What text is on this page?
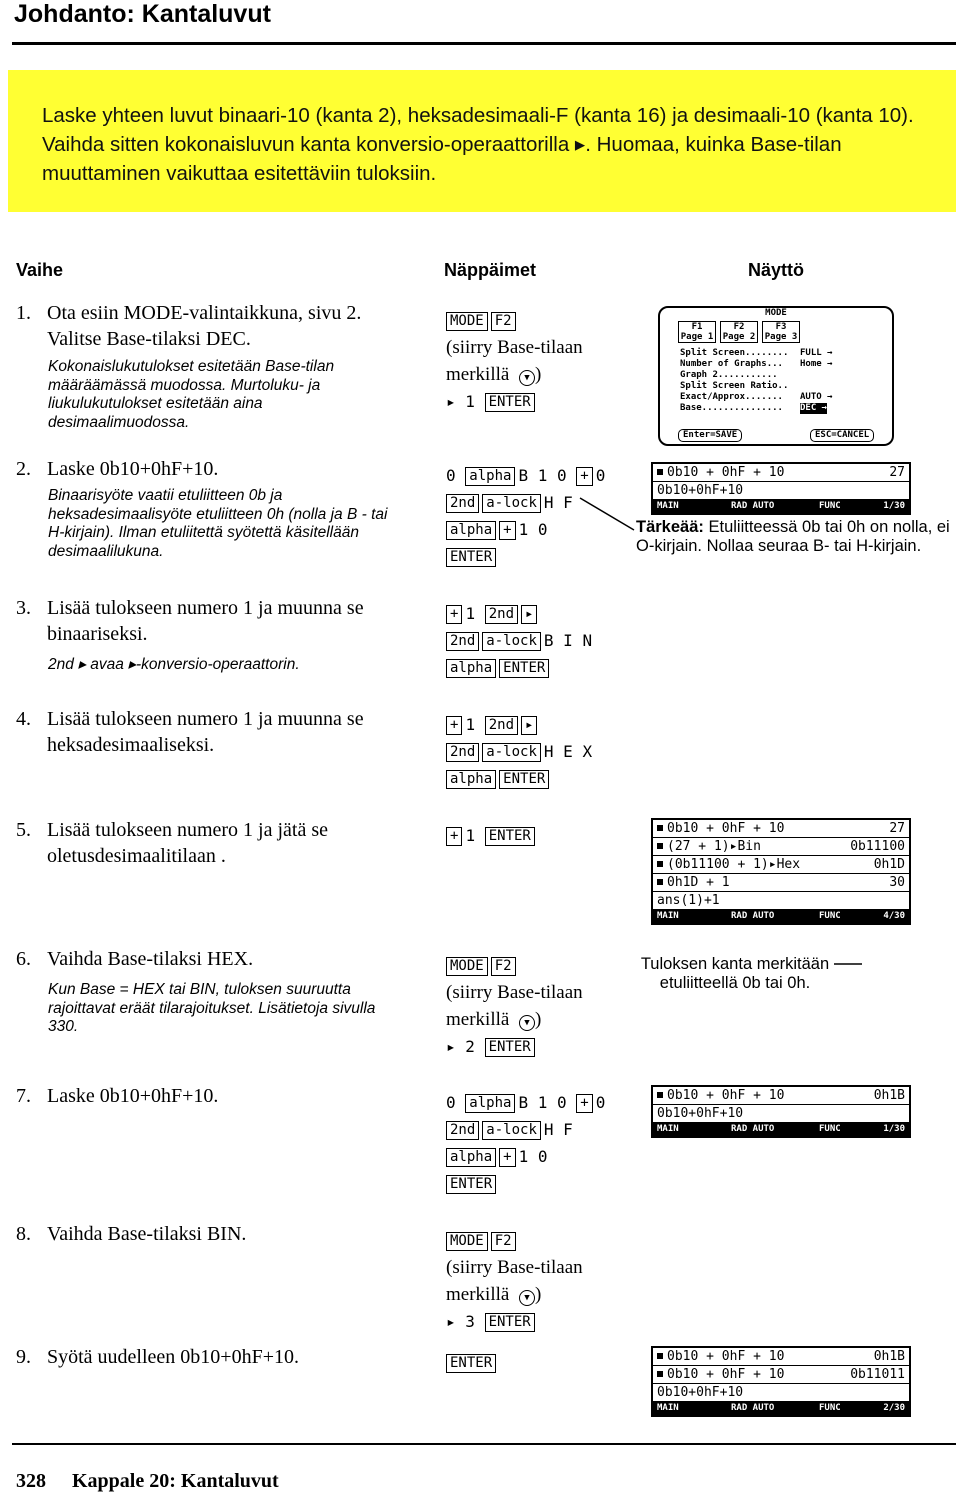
Johdanto: Kantaluvut

Laske yhteen luvut binaari-10 (kanta 2), heksadesimaali-F (kanta 16) ja desimaali-10 (kanta 10). Vaihda sitten kokonaisluvun kanta konversio-operaattorilla ▸. Huomaa, kuinka Base-tilan muuttaminen vaikuttaa esitettäviin tuloksiin.

Vaihe	Näppäimet	Näyttö
1. Ota esiin MODE-valintaikkuna, sivu 2. Valitse Base-tilaksi DEC.
Kokonaislukutulokset esitetään Base-tilan määräämässä muodossa. Murtoluku- ja liukulukutulokset esitetään aina desimaalimuodossa.
MODE F2
(siirry Base-tilaan
merkillä ▼ )
▸ 1 ENTER
MODE
F1 Page 1
F2 Page 2
F3 Page 3
Split Screen........
Number of Graphs...
Graph 2...........
Split Screen Ratio..
Exact/Approx.......
Base...............
FULL →
Home →
AUTO →
DEC →
Enter=SAVE	ESC=CANCEL
2. Laske 0b10+0hF+10.
Binaarisyöte vaatii etuliitteen 0b ja heksadesimaalisyöte etuliitteen 0h (nolla ja B - tai H-kirjain). Ilman etuliitettä syötettä käsitellään desimaalilukuna.
0 alpha B 1 0 + 0
2nd a-lock H F
alpha + 1 0
ENTER
0b10 + 0hF + 10	27
0b10+0hF+10
MAIN	RAD AUTO	FUNC	1/30
Tärkeää: Etuliitteessä 0b tai 0h on nolla, ei O-kirjain. Nollaa seuraa B- tai H-kirjain.
3. Lisää tulokseen numero 1 ja muunna se binaariseksi.
2nd ▸ avaa ▸-konversio-operaattorin.
+ 1 2nd ▸
2nd a-lock B I N
alpha ENTER
4. Lisää tulokseen numero 1 ja muunna se heksadesimaaliseksi.
+ 1 2nd ▸
2nd a-lock H E X
alpha ENTER
5. Lisää tulokseen numero 1 ja jätä se oletusdesimaalitilaan .
+ 1 ENTER	0b10 + 0hF + 10	27
(27 + 1)▸Bin	0b11100
(0b11100 + 1)▸Hex	0h1D
0h1D + 1	30
ans(1)+1
MAIN	RAD AUTO	FUNC	4/30
6. Vaihda Base-tilaksi HEX.
Kun Base = HEX tai BIN, tuloksen suuruutta rajoittavat eräät tilarajoitukset. Lisätietoja sivulla 330.
MODE F2
(siirry Base-tilaan
merkillä ▼ )
▸ 2 ENTER
Tuloksen kanta merkitään etuliitteellä 0b tai 0h.
7. Laske 0b10+0hF+10.	0 alpha B 1 0 + 0
2nd a-lock H F
alpha + 1 0
ENTER
0b10 + 0hF + 10	0h1B
0b10+0hF+10
MAIN	RAD AUTO	FUNC	1/30
8. Vaihda Base-tilaksi BIN.	MODE F2
(siirry Base-tilaan
merkillä ▼ )
▸ 3 ENTER
9. Syötä uudelleen 0b10+0hF+10.	ENTER	0b10 + 0hF + 10	0h1B
0b10 + 0hF + 10	0b11011
0b10+0hF+10
MAIN	RAD AUTO	FUNC	2/30
328 Kappale 20: Kantaluvut
